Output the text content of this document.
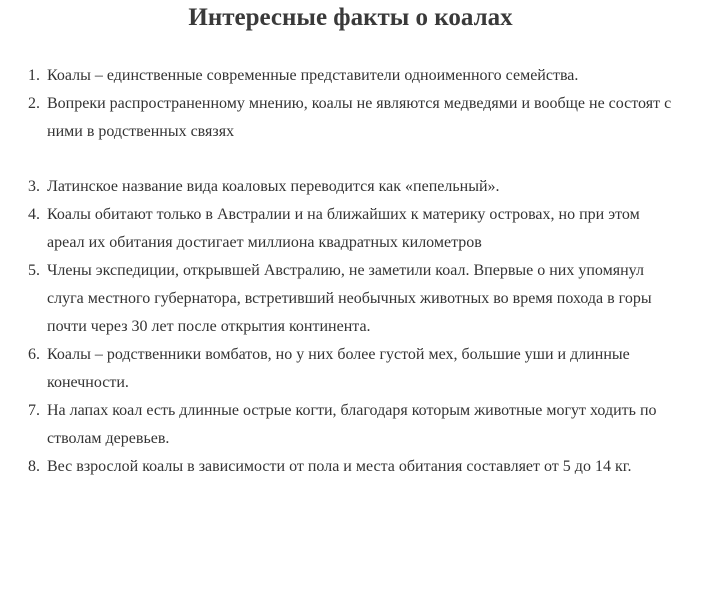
Интересные факты о коалах
1. Коалы – единственные современные представители одноименного семейства.
2. Вопреки распространенному мнению, коалы не являются медведями и вообще не состоят с ними в родственных связях
3. Латинское название вида коаловых переводится как «пепельный».
4. Коалы обитают только в Австралии и на ближайших к материку островах, но при этом ареал их обитания достигает миллиона квадратных километров
5. Члены экспедиции, открывшей Австралию, не заметили коал. Впервые о них упомянул слуга местного губернатора, встретивший необычных животных во время похода в горы почти через 30 лет после открытия континента.
6. Коалы – родственники вомбатов, но у них более густой мех, большие уши и длинные конечности.
7. На лапах коал есть длинные острые когти, благодаря которым животные могут ходить по стволам деревьев.
8. Вес взрослой коалы в зависимости от пола и места обитания составляет от 5 до 14 кг.
